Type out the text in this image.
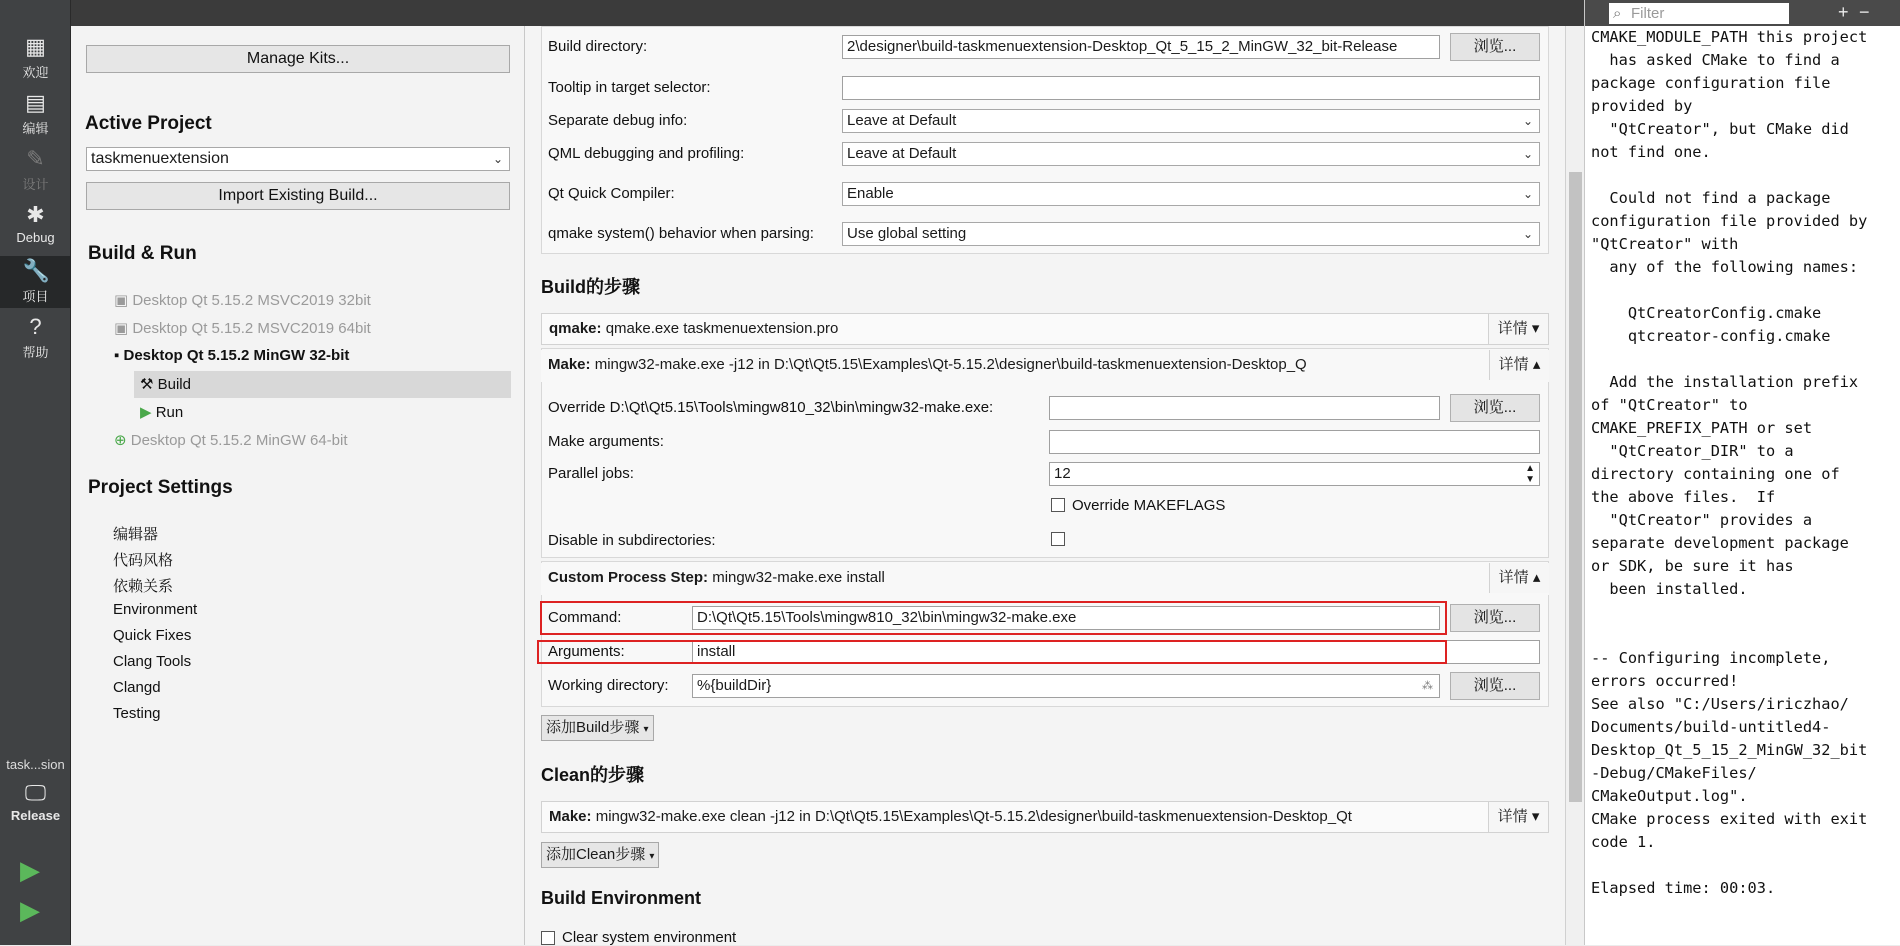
▦
欢迎
▤
编辑
✎
设计
✱
Debug
🔧
项目
?
帮助
task...sion
🖵
Release
▶
▶
Manage Kits...
Active Project
taskmenuextension	⌄
Import Existing Build...
Build & Run
▣ Desktop Qt 5.15.2 MSVC2019 32bit
▣ Desktop Qt 5.15.2 MSVC2019 64bit
▪ Desktop Qt 5.15.2 MinGW 32-bit
⚒ Build
▶ Run
⊕ Desktop Qt 5.15.2 MinGW 64-bit
Project Settings
编辑器
代码风格
依赖关系
Environment
Quick Fixes
Clang Tools
Clangd
Testing
Build directory:	2\designer\build-taskmenuextension-Desktop_Qt_5_15_2_MinGW_32_bit-Release	浏览...
Tooltip in target selector:
Separate debug info:	Leave at Default	⌄
QML debugging and profiling:	Leave at Default	⌄
Qt Quick Compiler:	Enable	⌄
qmake system() behavior when parsing:	Use global setting	⌄
Build的步骤
qmake: qmake.exe taskmenuextension.pro	详情 ▾
Make: mingw32-make.exe -j12 in D:\Qt\Qt5.15\Examples\Qt-5.15.2\designer\build-taskmenuextension-Desktop_Q	详情 ▴
Override D:\Qt\Qt5.15\Tools\mingw810_32\bin\mingw32-make.exe:	浏览...
Make arguments:
Parallel jobs:	12	▲
▼
Override MAKEFLAGS
Disable in subdirectories:
Custom Process Step: mingw32-make.exe install	详情 ▴
Command:	D:\Qt\Qt5.15\Tools\mingw810_32\bin\mingw32-make.exe	浏览...
Arguments:	install
Working directory:	%{buildDir}	⁂	浏览...
添加Build步骤 ▾
Clean的步骤
Make: mingw32-make.exe clean -j12 in D:\Qt\Qt5.15\Examples\Qt-5.15.2\designer\build-taskmenuextension-Desktop_Qt	详情 ▾
添加Clean步骤 ▾
Build Environment
Clear system environment
⌕ Filter	+ −
CMAKE_MODULE_PATH this project
has asked CMake to find a
package configuration file
provided by
"QtCreator", but CMake did
not find one.

Could not find a package
configuration file provided by
"QtCreator" with
any of the following names:

QtCreatorConfig.cmake
qtcreator-config.cmake

Add the installation prefix
of "QtCreator" to
CMAKE_PREFIX_PATH or set
"QtCreator_DIR" to a
directory containing one of
the above files.  If
"QtCreator" provides a
separate development package
or SDK, be sure it has
been installed.

-- Configuring incomplete,
errors occurred!
See also "C:/Users/iriczhao/
Documents/build-untitled4-
Desktop_Qt_5_15_2_MinGW_32_bit
-Debug/CMakeFiles/
CMakeOutput.log".
CMake process exited with exit
code 1.

Elapsed time: 00:03.
